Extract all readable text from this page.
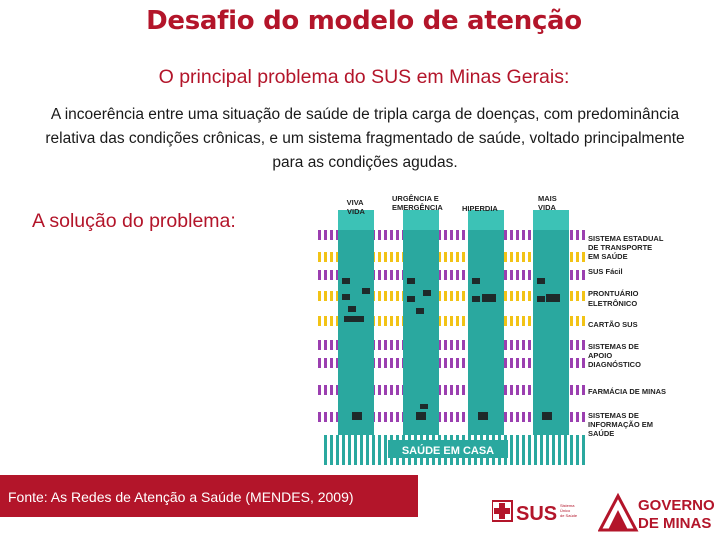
Desafio do modelo de atenção
O principal problema do SUS em Minas Gerais:
A incoerência entre uma situação de saúde de tripla carga de doenças, com predominância relativa das condições crônicas, e um sistema fragmentado de saúde, voltado principalmente para as condições agudas.
A solução do problema:
SAÚDE EM CASA
VIVA VIDA
URGÊNCIA E EMERGÊNCIA	HIPERDIA
MAIS VIDA
SISTEMA ESTADUAL DE TRANSPORTE EM SAÚDE
SUS Fácil
PRONTUÁRIO ELETRÔNICO
CARTÃO SUS
SISTEMAS DE APOIO DIAGNÓSTICO
FARMÁCIA DE MINAS
SISTEMAS DE INFORMAÇÃO EM SAÚDE
Fonte: As Redes de Atenção a Saúde (MENDES, 2009)
SUS Sistema Único de Saúde
GOVERNO
DE MINAS
